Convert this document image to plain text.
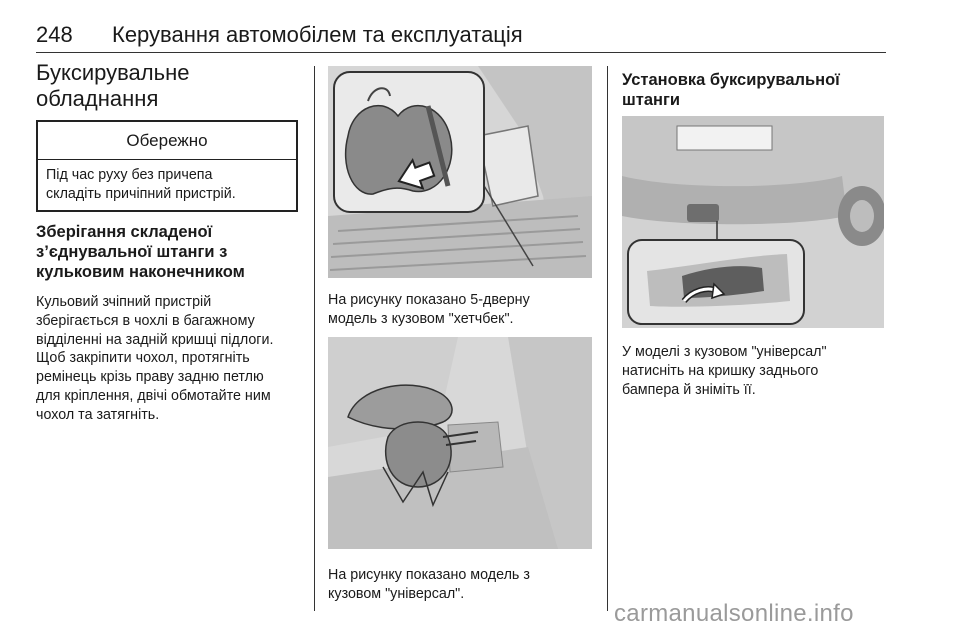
248 Керування автомобілем та експлуатація
Буксирувальне
обладнання
Обережно
Під час руху без причепа
складіть причіпний пристрій.
Зберігання складеної
з’єднувальної штанги з
кульковим наконечником
Кульовий зчіпний пристрій
зберігається в чохлі в багажному
відділенні на задній кришці підлоги.
Щоб закріпити чохол, протягніть
ремінець крізь праву задню петлю
для кріплення, двічі обмотайте ним
чохол та затягніть.
На рисунку показано 5-дверну
модель з кузовом "хетчбек".
На рисунку показано модель з
кузовом "універсал".
Установка буксирувальної
штанги
У моделі з кузовом "універсал"
натисніть на кришку заднього
бампера й зніміть її.
carmanualsonline.info
